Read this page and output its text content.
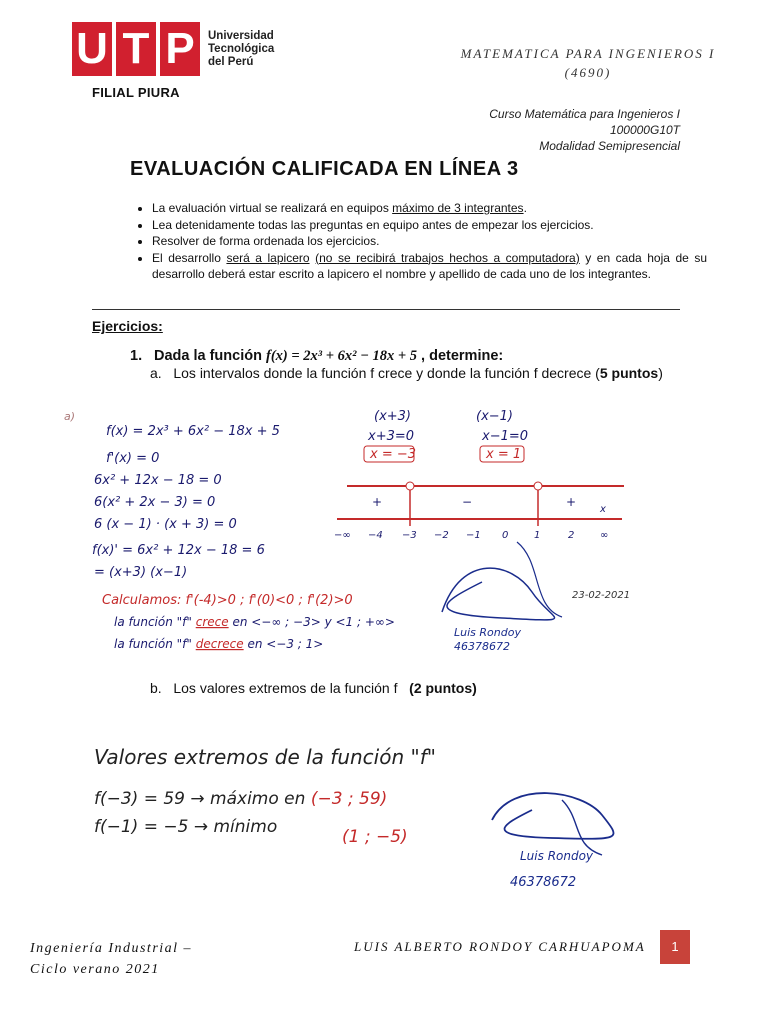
U T P	Universidad
Tecnológica
del Perú
FILIAL PIURA
MATEMATICA PARA INGENIEROS I
(4690)
Curso Matemática para Ingenieros I
100000G10T
Modalidad Semipresencial
EVALUACIÓN CALIFICADA EN LÍNEA 3
• La evaluación virtual se realizará en equipos máximo de 3 integrantes.
• Lea detenidamente todas las preguntas en equipo antes de empezar los ejercicios.
• Resolver de forma ordenada los ejercicios.
• El desarrollo será a lapicero (no se recibirá trabajos hechos a computadora) y en cada hoja de su desarrollo deberá estar escrito a lapicero el nombre y apellido de cada uno de los integrantes.
Ejercicios:
1. Dada la función f(x) = 2x³ + 6x² − 18x + 5 , determine:
a. Los intervalos donde la función f crece y donde la función f decrece (5 puntos)
a)
f(x) = 2x³ + 6x² − 18x + 5
f'(x) = 0
6x² + 12x − 18 = 0
6(x² + 2x − 3) = 0
6 (x − 1) · (x + 3) = 0
f(x)' = 6x² + 12x − 18 = 6
= (x+3) (x−1)
Calculamos: f'(-4)>0 ; f'(0)<0 ; f'(2)>0
la función "f" crece en <−∞ ; −3> y <1 ; +∞>
la función "f" decrece en <−3 ; 1>
(x+3)
x+3=0
x = −3
(x−1)
x−1=0
x = 1
+	−	+
−∞ −4 −3 −2 −1 0	1	2	∞
x
23-02-2021
Luis Rondoy
46378672
b. Los valores extremos de la función f (2 puntos)
Valores extremos de la función "f"
f(−3) = 59 → máximo en (−3 ; 59)
f(−1) = −5 → mínimo	(1 ; −5)
Luis Rondoy
46378672
Ingeniería Industrial –
Ciclo verano 2021
LUIS ALBERTO RONDOY CARHUAPOMA	1
